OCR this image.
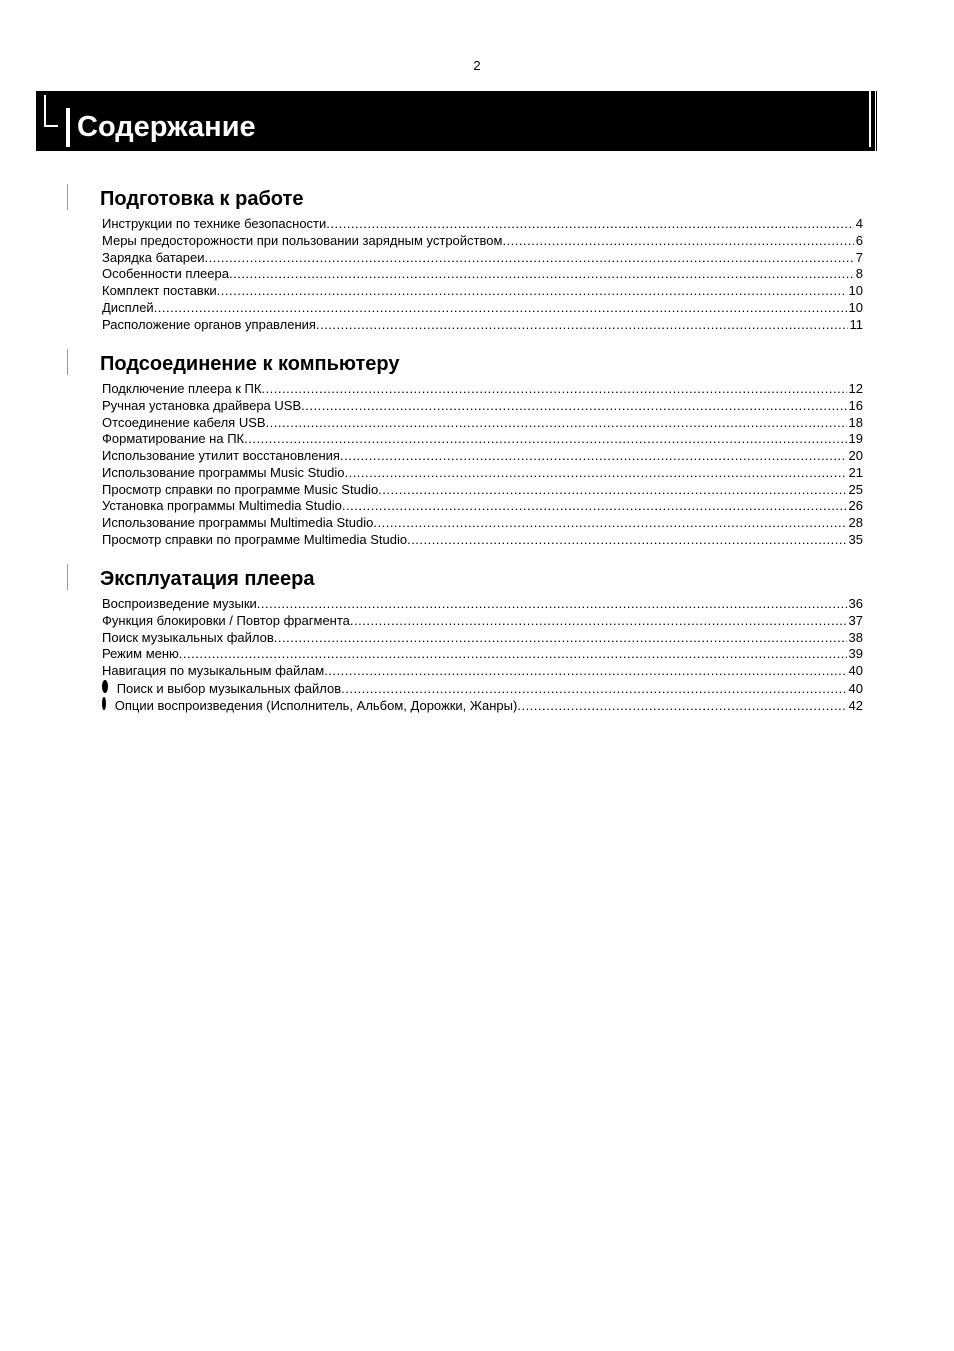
2
Содержание
Подготовка к работе
Инструкции по технике безопасности .....	4
Меры предосторожности при пользовании зарядным устройством .....	6
Зарядка батареи .....	7
Особенности плеера .....	8
Комплект поставки .....	10
Дисплей .....	10
Расположение органов управления .....	11
Подсоединение к компьютеру
Подключение плеера к ПК .....	12
Ручная установка драйвера USB .....	16
Отсоединение кабеля USB .....	18
Форматирование на ПК .....	19
Использование утилит восстановления .....	20
Использование программы Music Studio .....	21
Просмотр справки по программе Music Studio .....	25
Установка программы Multimedia Studio .....	26
Использование программы Multimedia Studio .....	28
Просмотр справки по программе Multimedia Studio .....	35
Эксплуатация плеера
Воспроизведение музыки .....	36
Функция блокировки / Повтор фрагмента .....	37
Поиск музыкальных файлов .....	38
Режим меню .....	39
Навигация по музыкальным файлам .....	40
Поиск и выбор музыкальных файлов .....	40
Опции воспроизведения (Исполнитель, Альбом, Дорожки, Жанры) .....	42
